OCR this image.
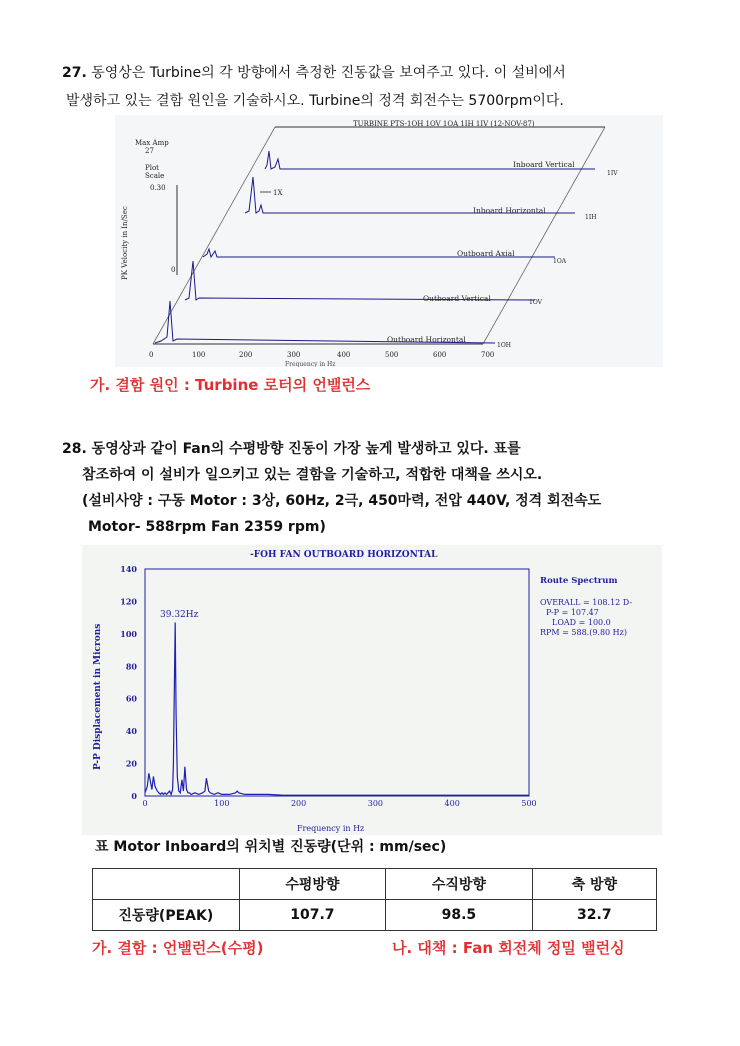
27. 동영상은 Turbine의 각 방향에서 측정한 진동값을 보여주고 있다. 이 설비에서
발생하고 있는 결함 원인을 기술하시오. Turbine의 정격 회전수는 5700rpm이다.
TURBINE PTS-1OH 1OV 1OA 1IH 1IV (12-NOV-87)
Max Amp
27
Plot
Scale
0.30
0
PK Velocity in In/Sec
Inboard Vertical
1IV
1X
Inboard Horizontal
1IH
Outboard Axial
1OA
Outboard Vertical	1OV
Outboard Horizontal
1OH
0	100	200	300	400	500	600	700
Frequency in Hz
가. 결함 원인 : Turbine 로터의 언밸런스
28. 동영상과 같이 Fan의 수평방향 진동이 가장 높게 발생하고 있다. 표를
참조하여 이 설비가 일으키고 있는 결함을 기술하고, 적합한 대책을 쓰시오.
(설비사양 : 구동 Motor : 3상, 60Hz, 2극, 450마력, 전압 440V, 정격 회전속도
Motor- 588rpm Fan 2359 rpm)
-FOH FAN OUTBOARD HORIZONTAL
P-P Displacement in Microns
Frequency in Hz
39.32Hz
0
20
40
60
80
100
120
140
0	100	200	300	400	500
Route Spectrum
OVERALL = 108.12 D-
P-P = 107.47
LOAD = 100.0
RPM = 588.(9.80 Hz)
표 Motor Inboard의 위치별 진동량(단위 : mm/sec)
	수평방향	수직방향	축 방향
진동량(PEAK)	107.7	98.5	32.7
가. 결함 : 언밸런스(수평)	나. 대책 : Fan 회전체 정밀 밸런싱
